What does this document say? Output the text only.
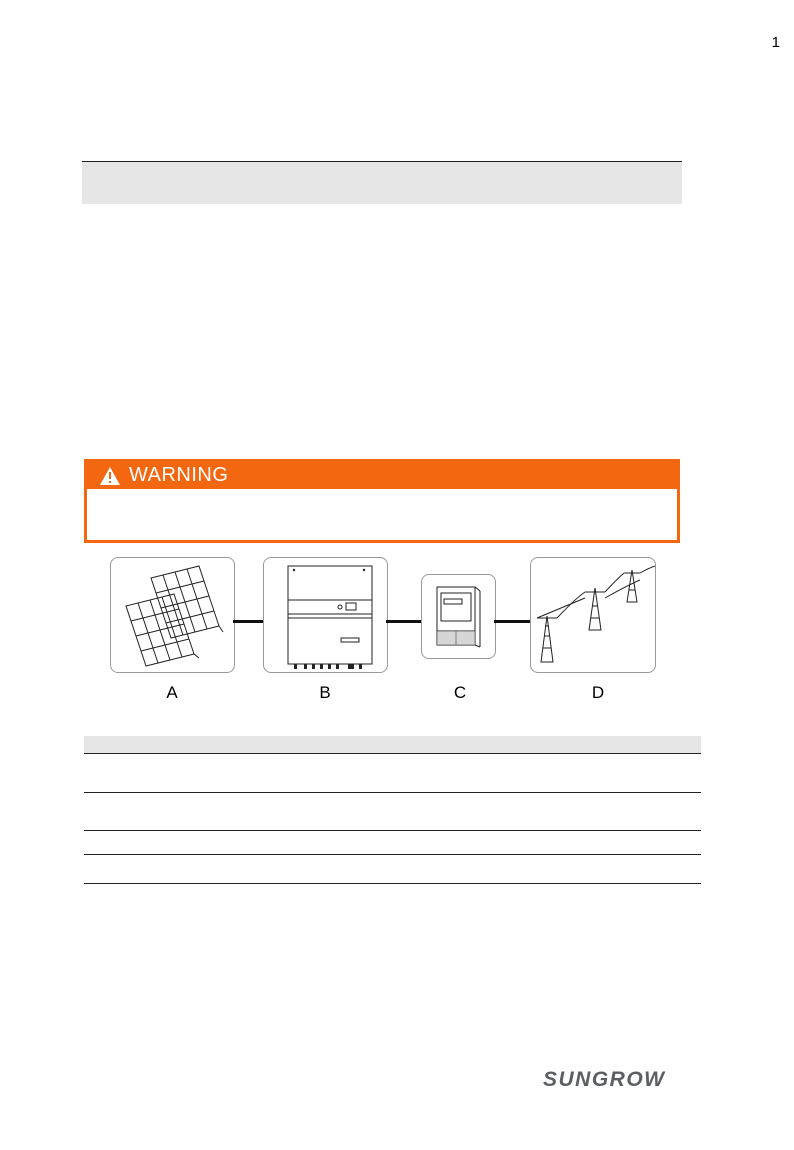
1
WARNING
A	B	C	D

SUNGROW
